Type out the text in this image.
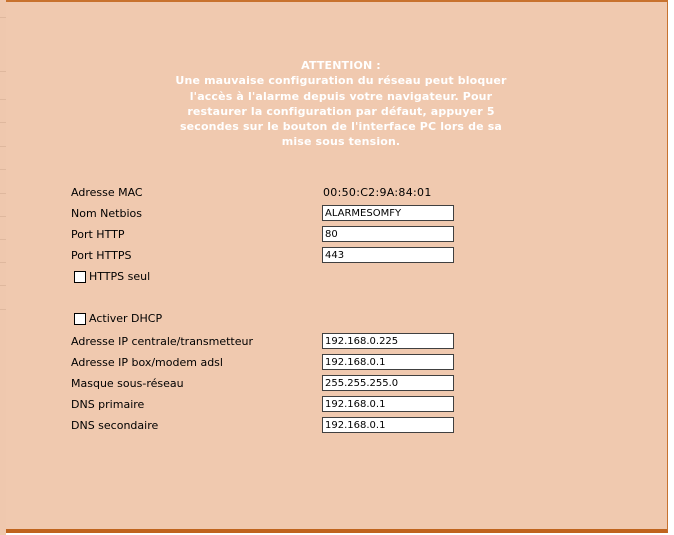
ATTENTION :
Une mauvaise configuration du réseau peut bloquer
l'accès à l'alarme depuis votre navigateur. Pour
restaurer la configuration par défaut, appuyer 5
secondes sur le bouton de l'interface PC lors de sa
mise sous tension.
Adresse MAC	00:50:C2:9A:84:01
Nom Netbios
ALARMESOMFY
Port HTTP
80
Port HTTPS
443
HTTPS seul
Activer DHCP
Adresse IP centrale/transmetteur
192.168.0.225
Adresse IP box/modem adsl
192.168.0.1
Masque sous-réseau
255.255.255.0
DNS primaire
192.168.0.1
DNS secondaire
192.168.0.1
